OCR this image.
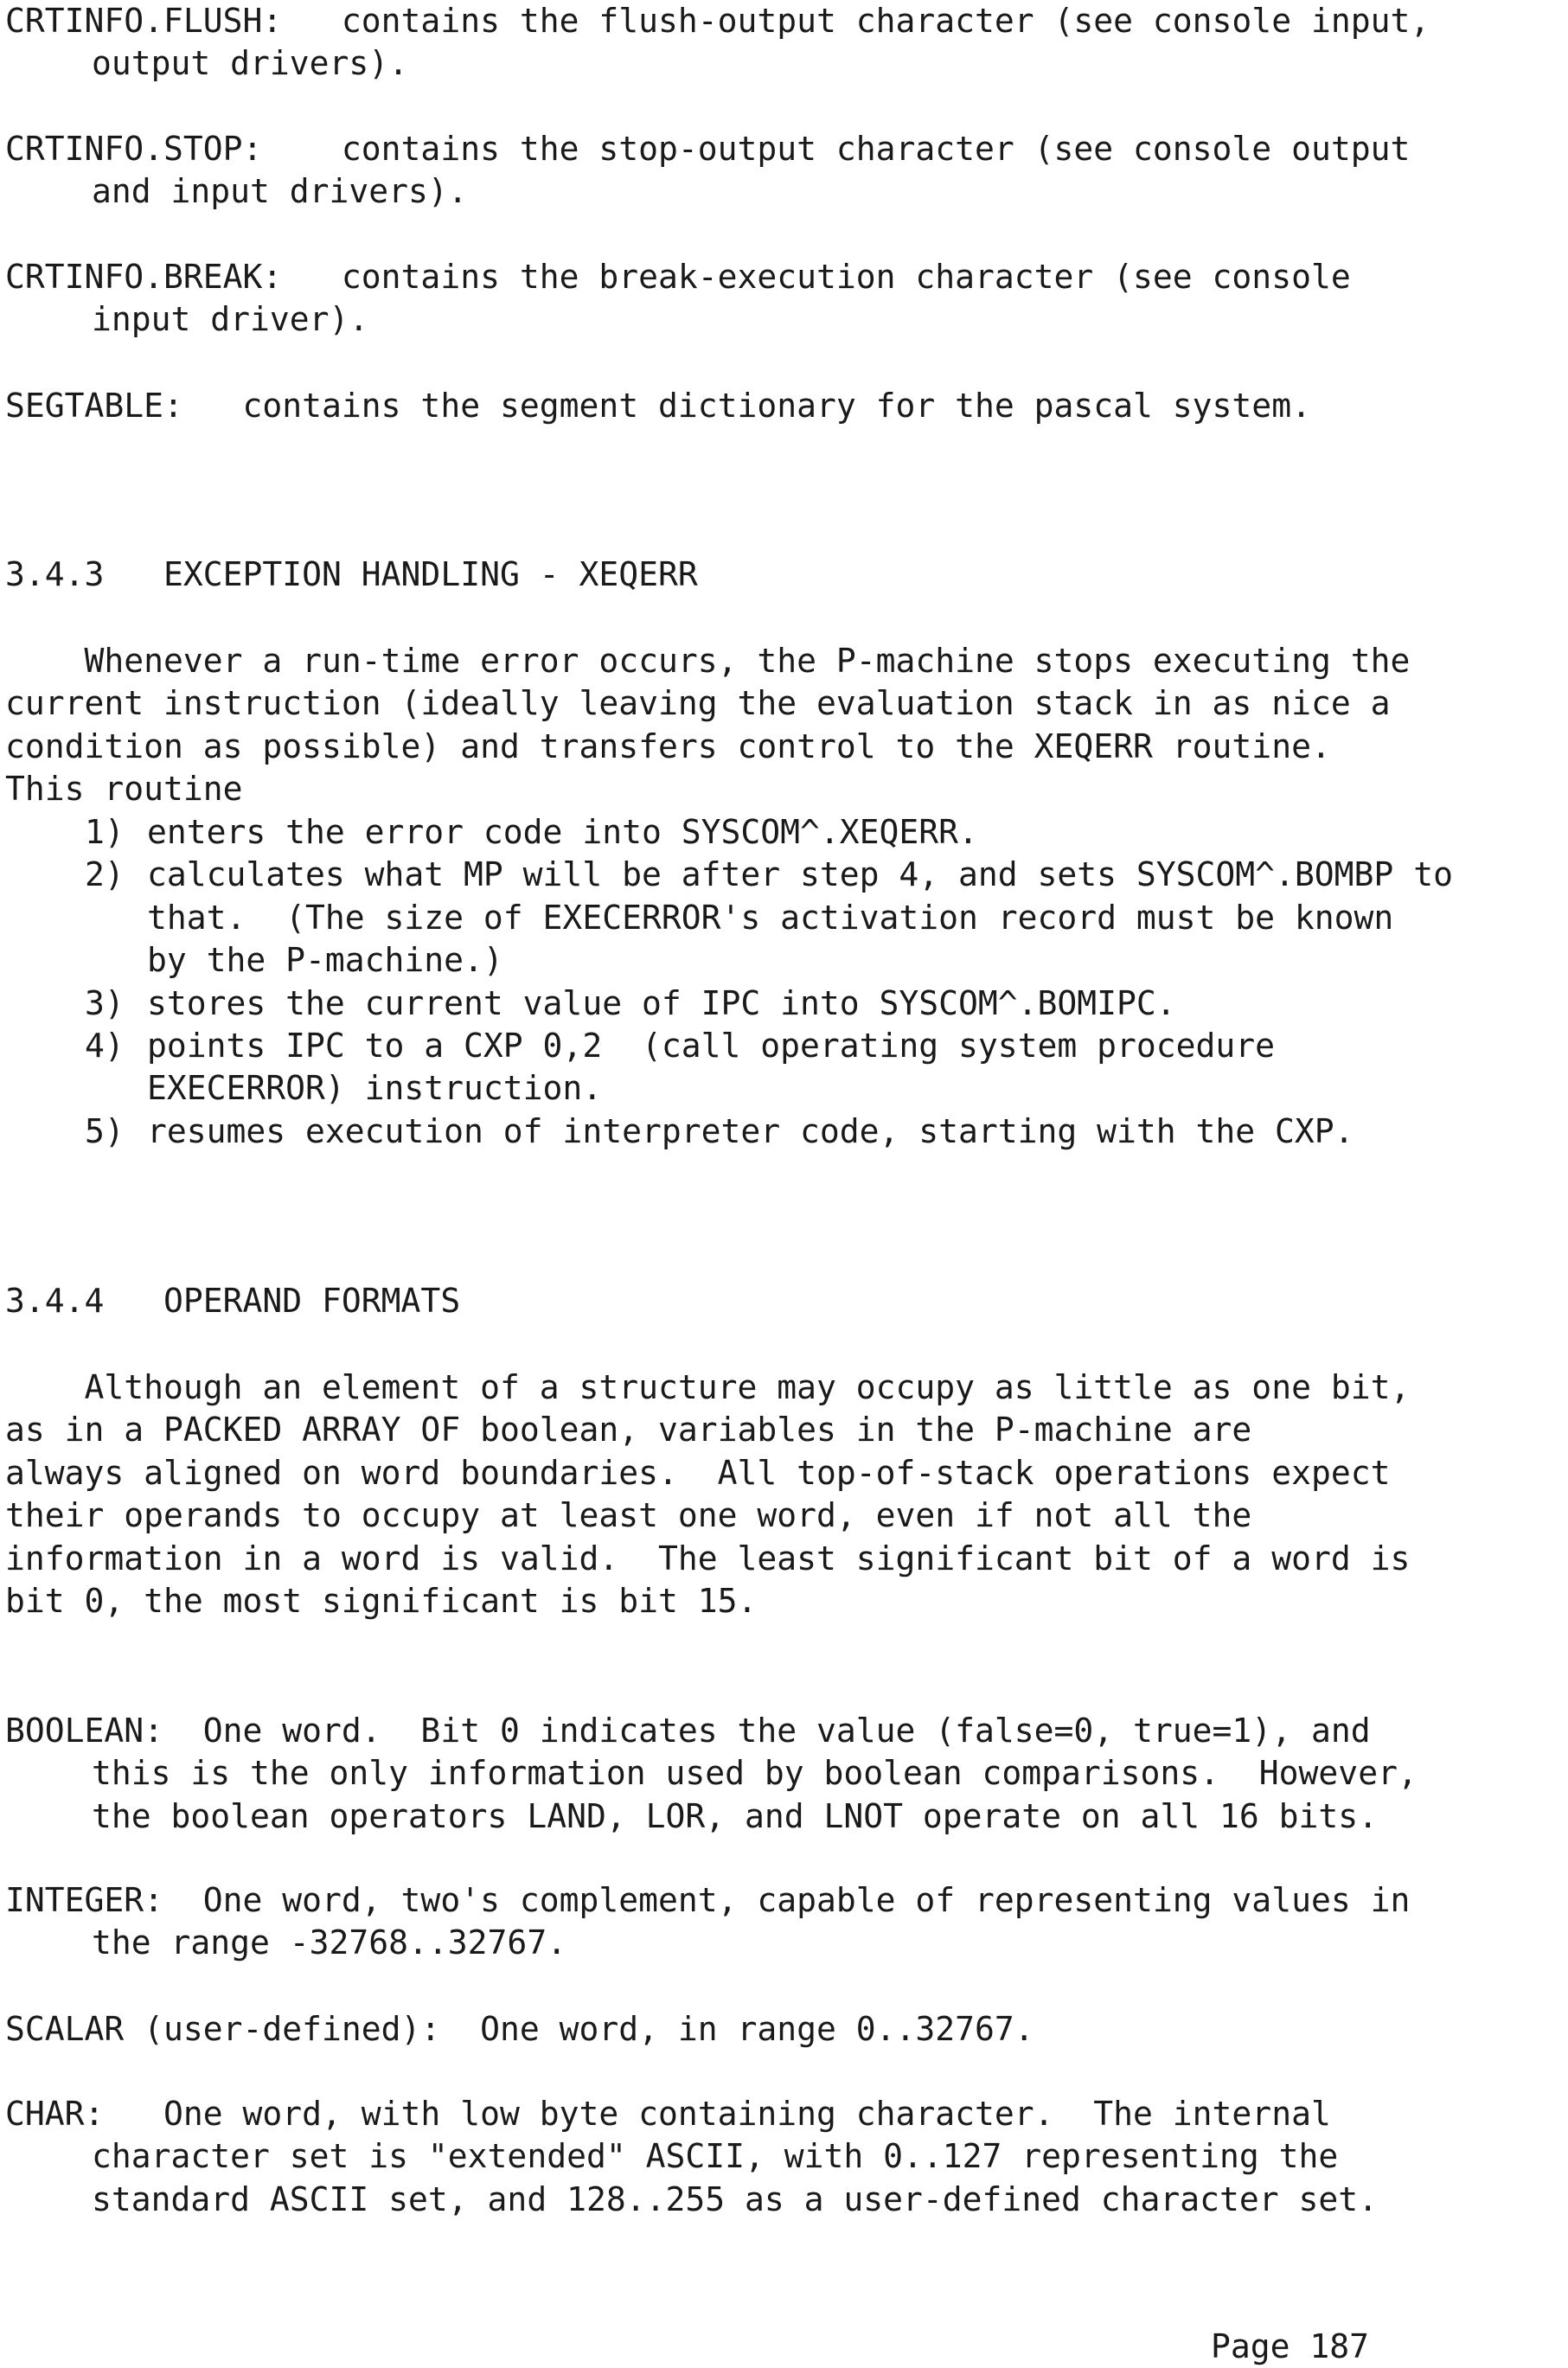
CRTINFO.FLUSH:   contains the flush-output character (see console input,

output drivers).

CRTINFO.STOP:    contains the stop-output character (see console output

and input drivers).

CRTINFO.BREAK:   contains the break-execution character (see console

input driver).

SEGTABLE:   contains the segment dictionary for the pascal system.

3.4.3   EXCEPTION HANDLING - XEQERR

Whenever a run-time error occurs, the P-machine stops executing the

current instruction (ideally leaving the evaluation stack in as nice a

condition as possible) and transfers control to the XEQERR routine.

This routine

1) enters the error code into SYSCOM^.XEQERR.
2) calculates what MP will be after step 4, and sets SYSCOM^.BOMBP to
that.  (The size of EXECERROR's activation record must be known
by the P-machine.)
3) stores the current value of IPC into SYSCOM^.BOMIPC.
4) points IPC to a CXP 0,2  (call operating system procedure
EXECERROR) instruction.
5) resumes execution of interpreter code, starting with the CXP.

3.4.4   OPERAND FORMATS

Although an element of a structure may occupy as little as one bit,

as in a PACKED ARRAY OF boolean, variables in the P-machine are

always aligned on word boundaries.  All top-of-stack operations expect

their operands to occupy at least one word, even if not all the

information in a word is valid.  The least significant bit of a word is

bit 0, the most significant is bit 15.

BOOLEAN:  One word.  Bit 0 indicates the value (false=0, true=1), and

this is the only information used by boolean comparisons.  However,

the boolean operators LAND, LOR, and LNOT operate on all 16 bits.

INTEGER:  One word, two's complement, capable of representing values in

the range -32768..32767.

SCALAR (user-defined):  One word, in range 0..32767.

CHAR:   One word, with low byte containing character.  The internal

character set is "extended" ASCII, with 0..127 representing the

standard ASCII set, and 128..255 as a user-defined character set.

Page 187
